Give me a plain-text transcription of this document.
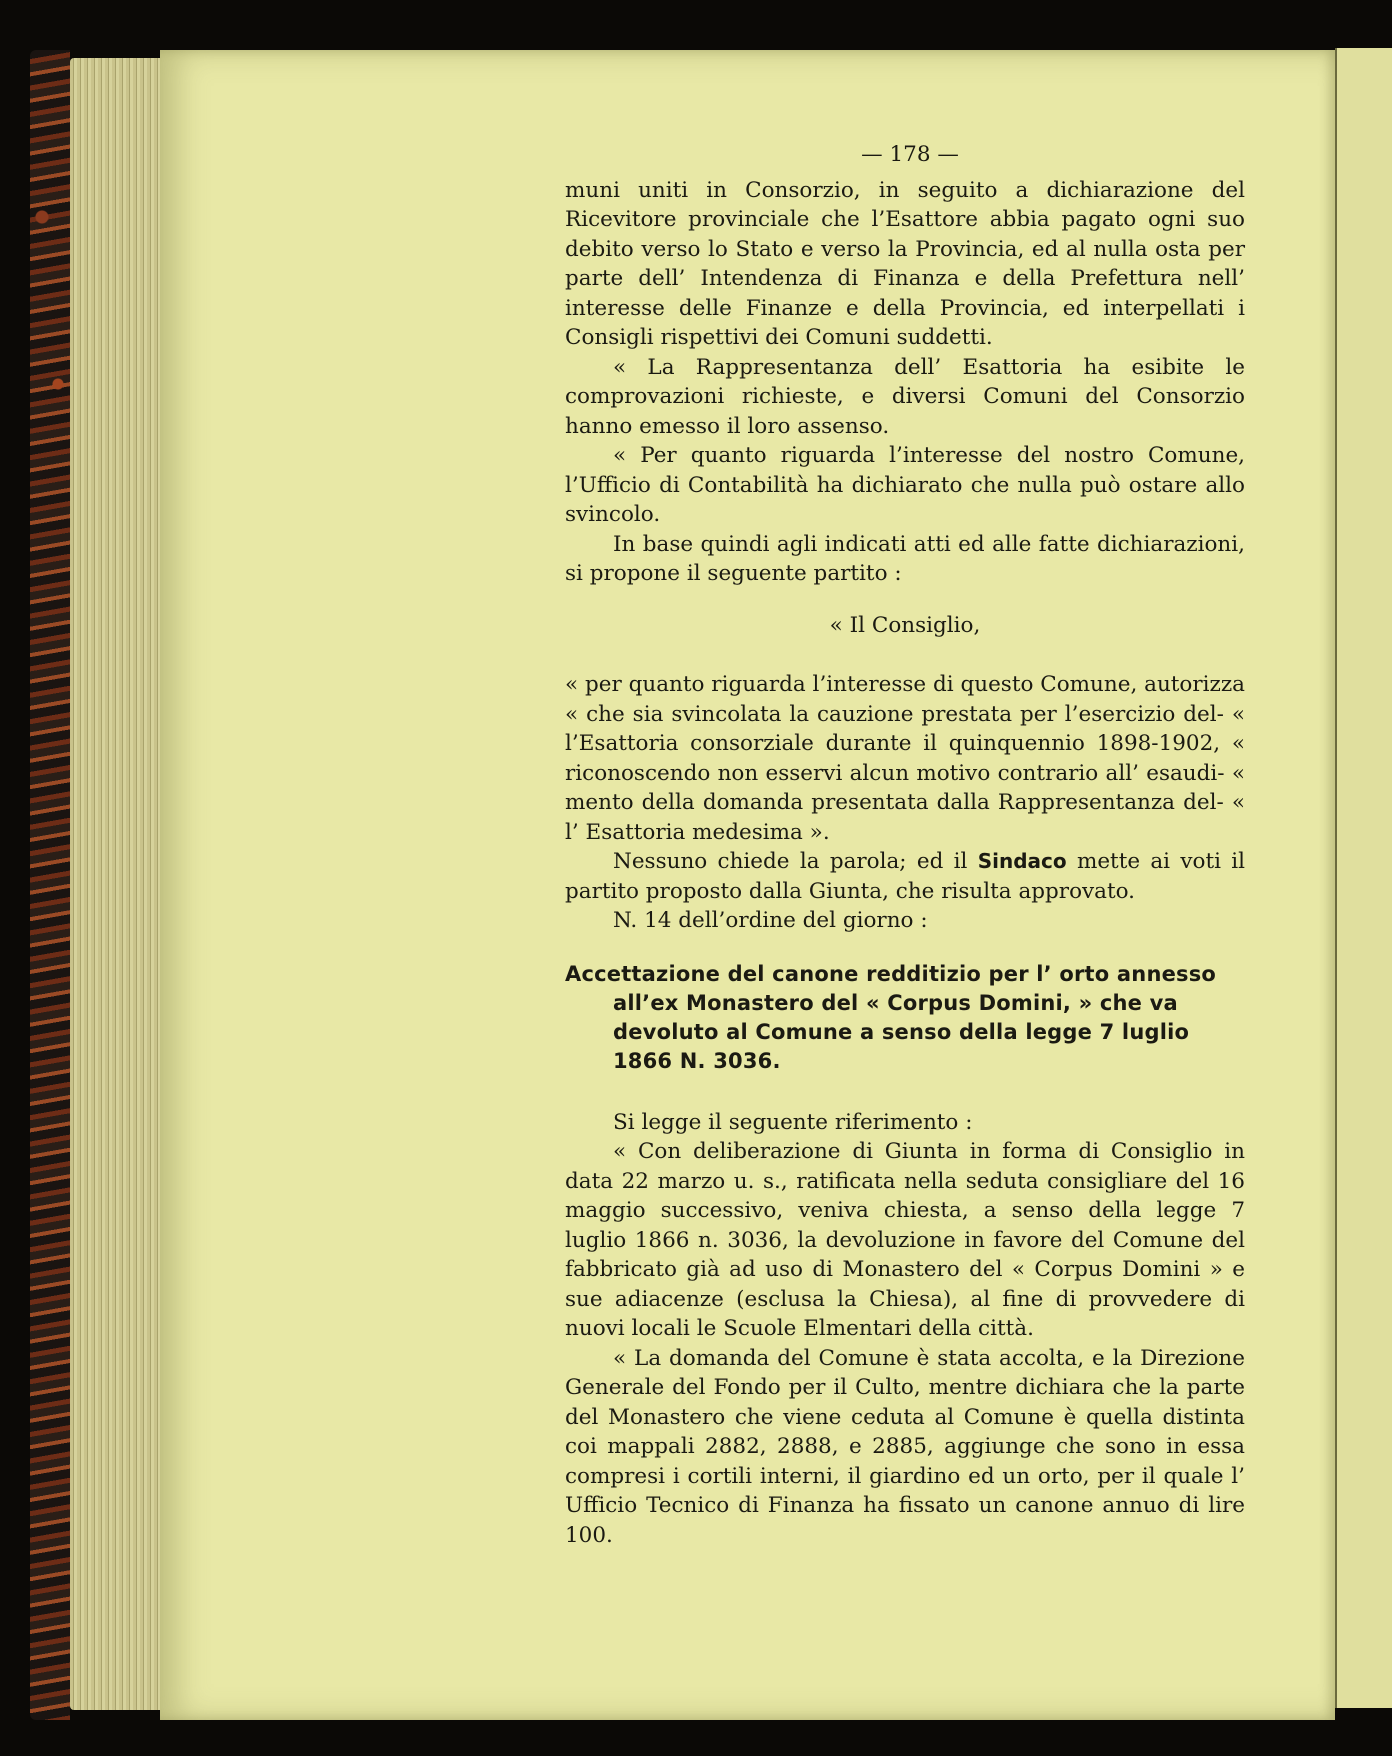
— 178 —

muni uniti in Consorzio, in seguito a dichiarazione del Ricevitore provinciale che l’Esattore abbia pagato ogni suo debito verso lo Stato e verso la Provincia, ed al nulla osta per parte dell’ Intendenza di Finanza e della Prefettura nell’ interesse delle Finanze e della Provincia, ed interpellati i Consigli rispettivi dei Comuni suddetti.

« La Rappresentanza dell’ Esattoria ha esibite le comprovazioni richieste, e diversi Comuni del Consorzio hanno emesso il loro assenso.

« Per quanto riguarda l’interesse del nostro Comune, l’Ufficio di Contabilità ha dichiarato che nulla può ostare allo svincolo.

In base quindi agli indicati atti ed alle fatte dichiarazioni, si propone il seguente partito :

« Il Consiglio,

« per quanto riguarda l’interesse di questo Comune, autorizza « che sia svincolata la cauzione prestata per l’esercizio del- « l’Esattoria consorziale durante il quinquennio 1898-1902, « riconoscendo non esservi alcun motivo contrario all’ esaudi- « mento della domanda presentata dalla Rappresentanza del- « l’ Esattoria medesima ».

Nessuno chiede la parola; ed il Sindaco mette ai voti il partito proposto dalla Giunta, che risulta approvato.

N. 14 dell’ordine del giorno :

Accettazione del canone redditizio per l’ orto annesso all’ex Monastero del « Corpus Domini, » che va devoluto al Comune a senso della legge 7 luglio 1866 N. 3036.

Si legge il seguente riferimento :

« Con deliberazione di Giunta in forma di Consiglio in data 22 marzo u. s., ratificata nella seduta consigliare del 16 maggio successivo, veniva chiesta, a senso della legge 7 luglio 1866 n. 3036, la devoluzione in favore del Comune del fabbricato già ad uso di Monastero del « Corpus Domini » e sue adiacenze (esclusa la Chiesa), al fine di provvedere di nuovi locali le Scuole Elmentari della città.

« La domanda del Comune è stata accolta, e la Direzione Generale del Fondo per il Culto, mentre dichiara che la parte del Monastero che viene ceduta al Comune è quella distinta coi mappali 2882, 2888, e 2885, aggiunge che sono in essa compresi i cortili interni, il giardino ed un orto, per il quale l’ Ufficio Tecnico di Finanza ha fissato un canone annuo di lire 100.
